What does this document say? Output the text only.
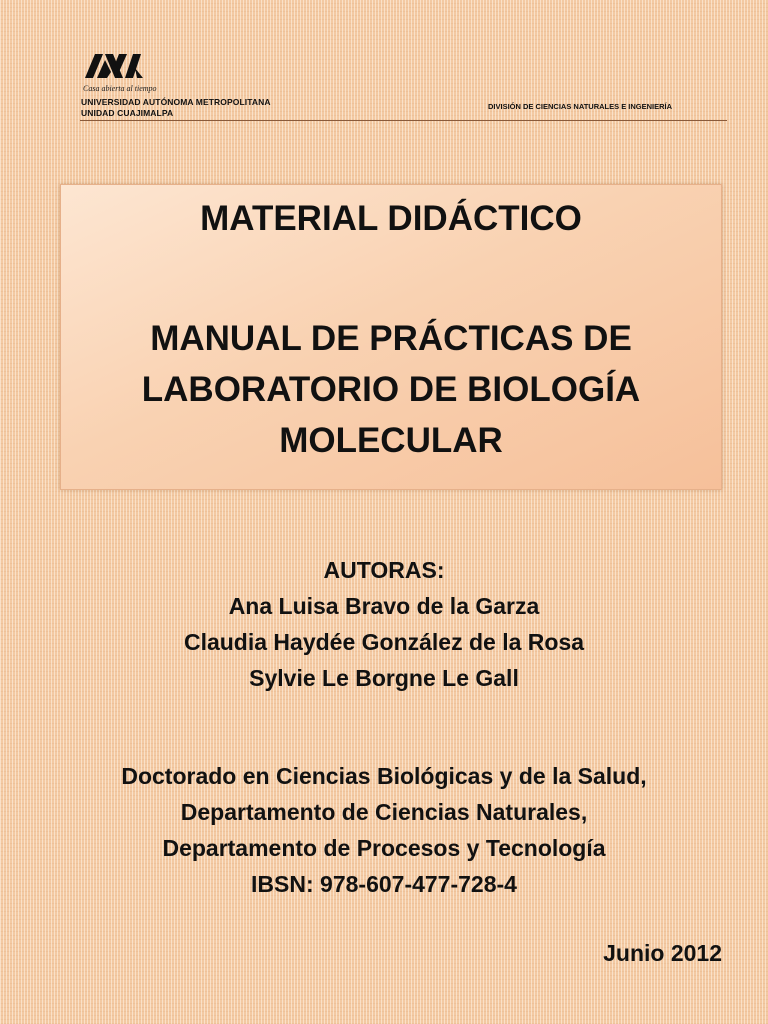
Casa abierta al tiempo
UNIVERSIDAD AUTÓNOMA METROPOLITANA
UNIDAD CUAJIMALPA
DIVISIÓN DE CIENCIAS NATURALES E INGENIERÍA
MATERIAL DIDÁCTICO
MANUAL DE PRÁCTICAS DE
LABORATORIO DE BIOLOGÍA
MOLECULAR
AUTORAS:
Ana Luisa Bravo de la Garza
Claudia Haydée González de la Rosa
Sylvie Le Borgne Le Gall
Doctorado en Ciencias Biológicas y de la Salud,
Departamento de Ciencias Naturales,
Departamento de Procesos y Tecnología
IBSN: 978-607-477-728-4
Junio 2012
